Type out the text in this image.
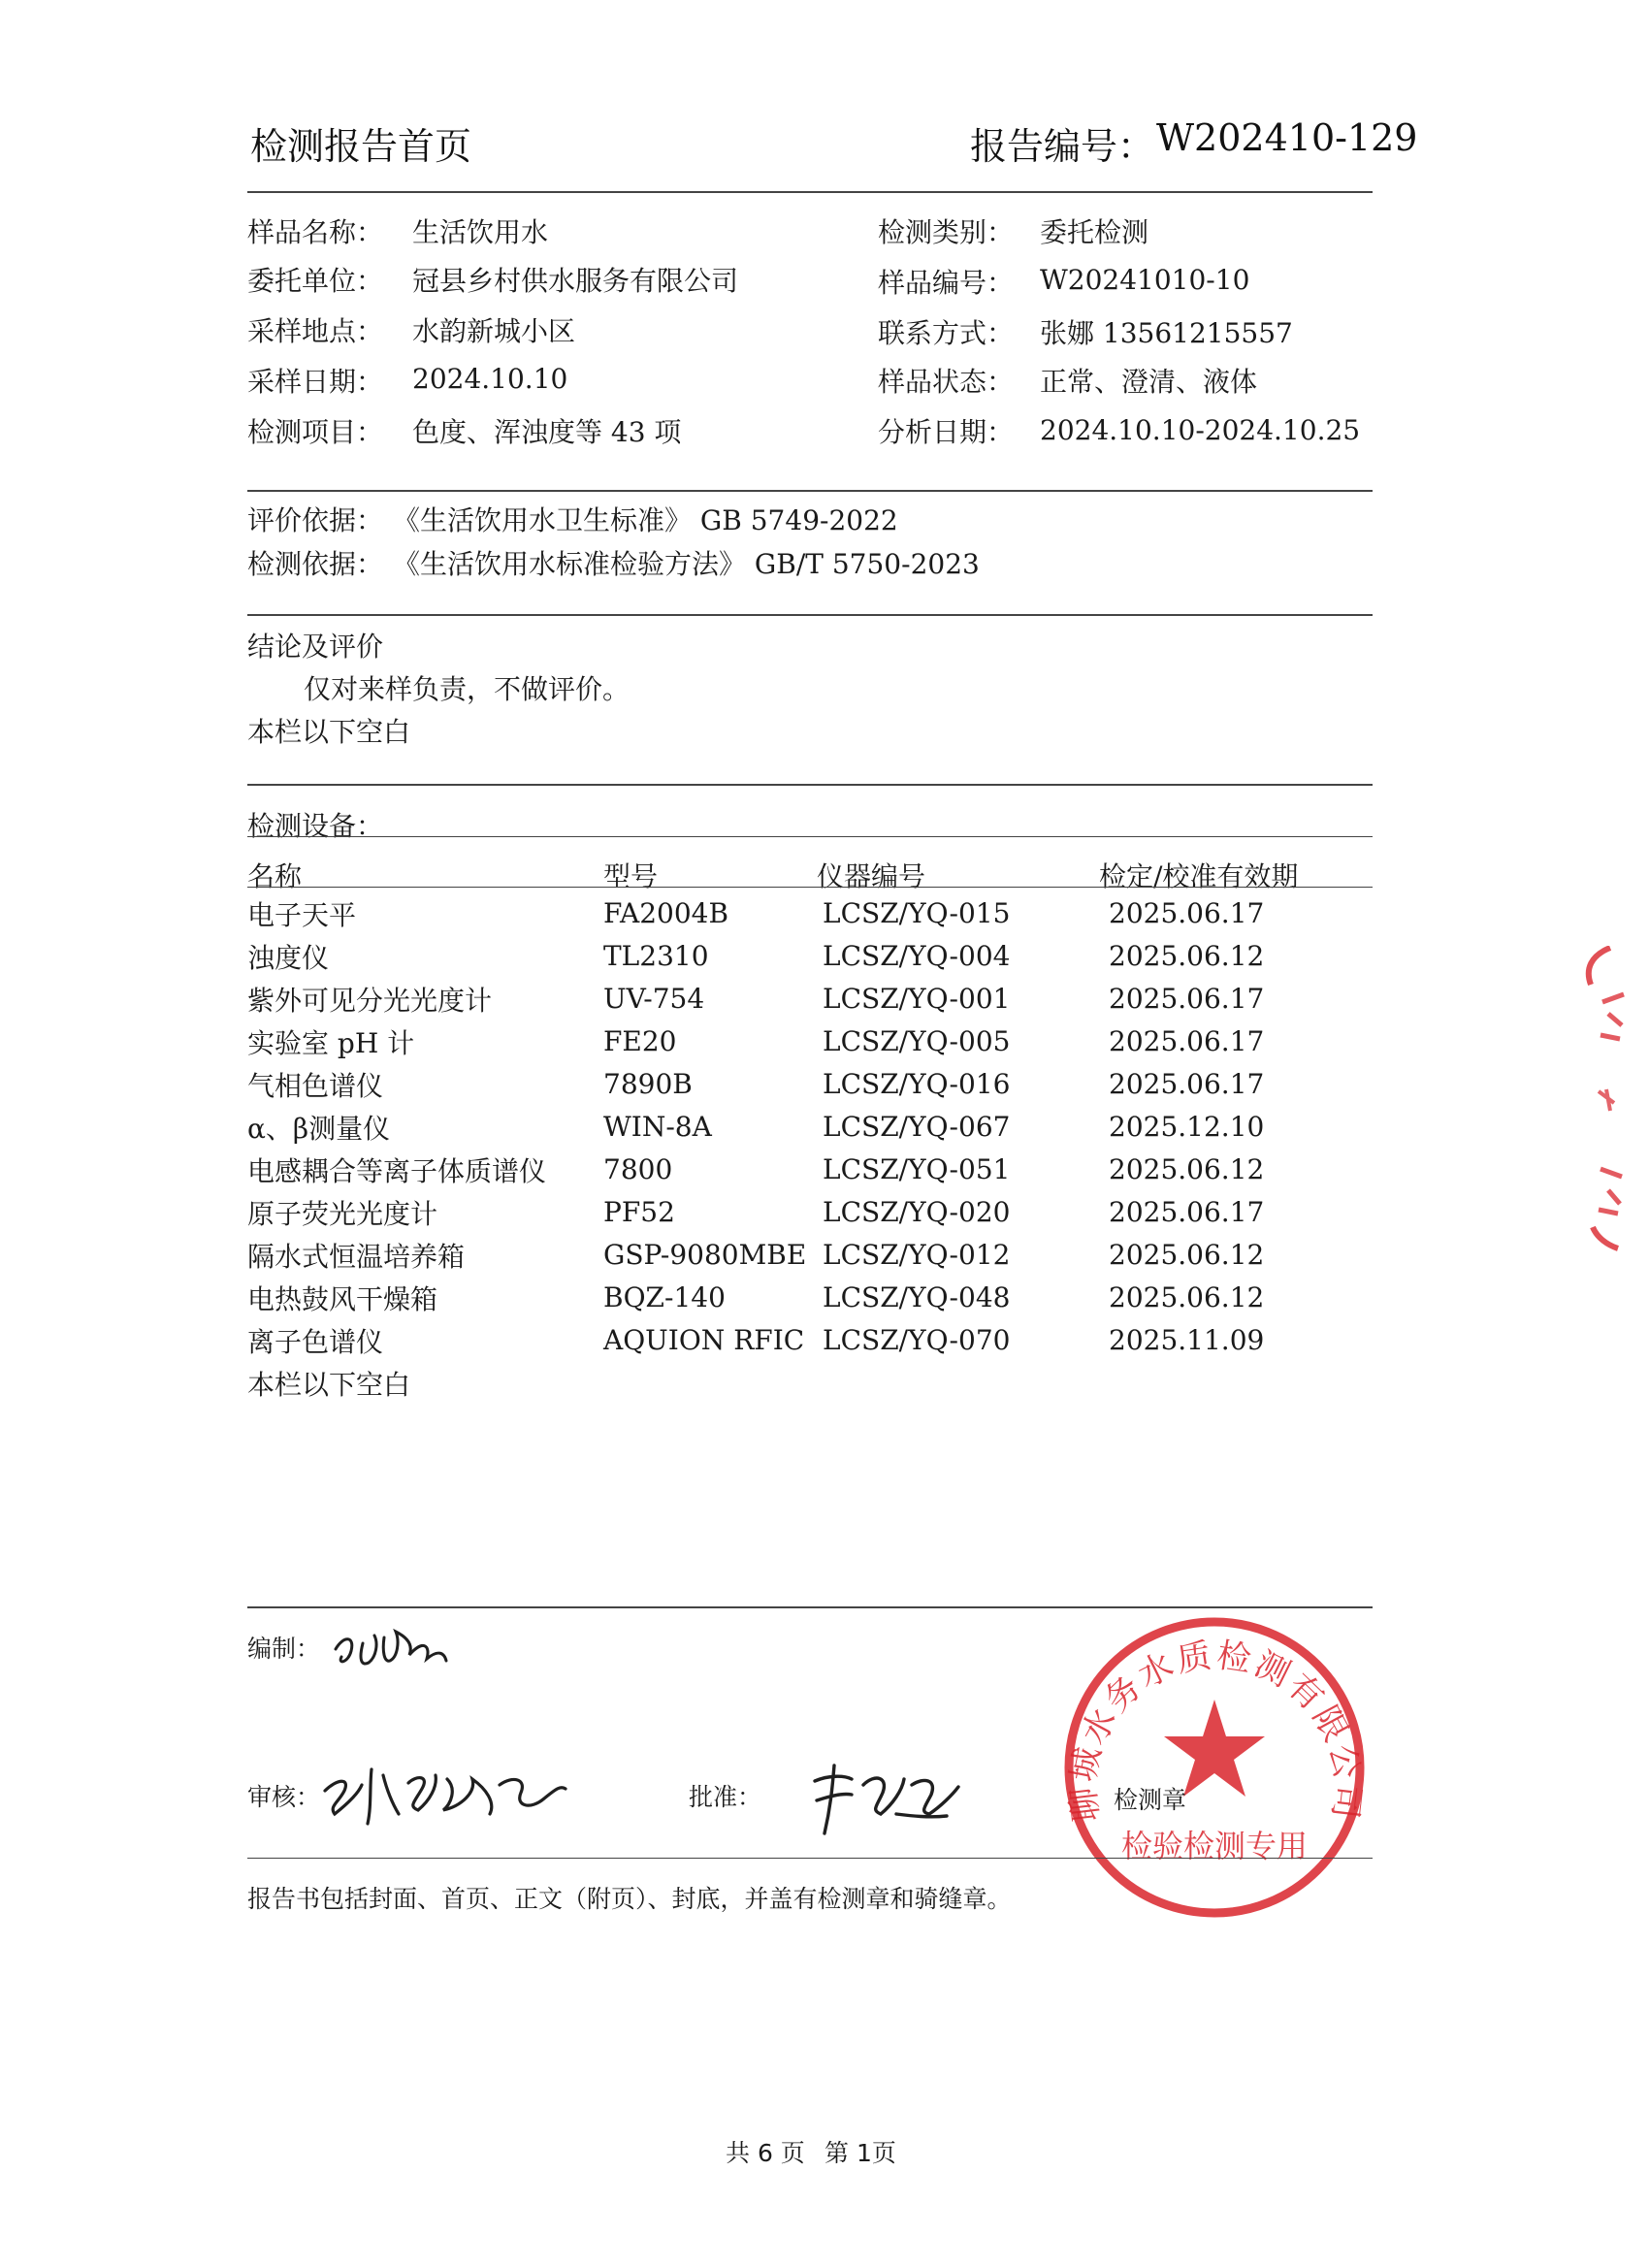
检测报告首页	报告编号： W202410-129
样品名称： 生活饮用水
委托单位： 冠县乡村供水服务有限公司
采样地点： 水韵新城小区
采样日期： 2024.10.10
检测项目： 色度、浑浊度等 43 项
检测类别： 委托检测
样品编号： W20241010-10
联系方式： 张娜 13561215557
样品状态： 正常、澄清、液体
分析日期： 2024.10.10-2024.10.25
评价依据： 《生活饮用水卫生标准》 GB 5749-2022
检测依据： 《生活饮用水标准检验方法》 GB/T 5750-2023
结论及评价
仅对来样负责，不做评价。
本栏以下空白
检测设备：
名称	型号	仪器编号	检定/校准有效期
电子天平	FA2004B	LCSZ/YQ-015	2025.06.17
浊度仪	TL2310	LCSZ/YQ-004	2025.06.12
紫外可见分光光度计	UV-754	LCSZ/YQ-001	2025.06.17
实验室 pH 计	FE20	LCSZ/YQ-005	2025.06.17
气相色谱仪	7890B	LCSZ/YQ-016	2025.06.17
α、β测量仪	WIN-8A	LCSZ/YQ-067	2025.12.10
电感耦合等离子体质谱仪 7800	LCSZ/YQ-051	2025.06.12
原子荧光光度计	PF52	LCSZ/YQ-020	2025.06.17
隔水式恒温培养箱	GSP-9080MBE LCSZ/YQ-012	2025.06.12
电热鼓风干燥箱	BQZ-140	LCSZ/YQ-048	2025.06.12
离子色谱仪	AQUION RFIC LCSZ/YQ-070	2025.11.09
本栏以下空白
编制：
审核：	批准：	聊城水务水质检测有限公司
检验检测专用
检测章
报告书包括封面、首页、正文（附页）、封底，并盖有检测章和骑缝章。
共 6 页 第 1页
